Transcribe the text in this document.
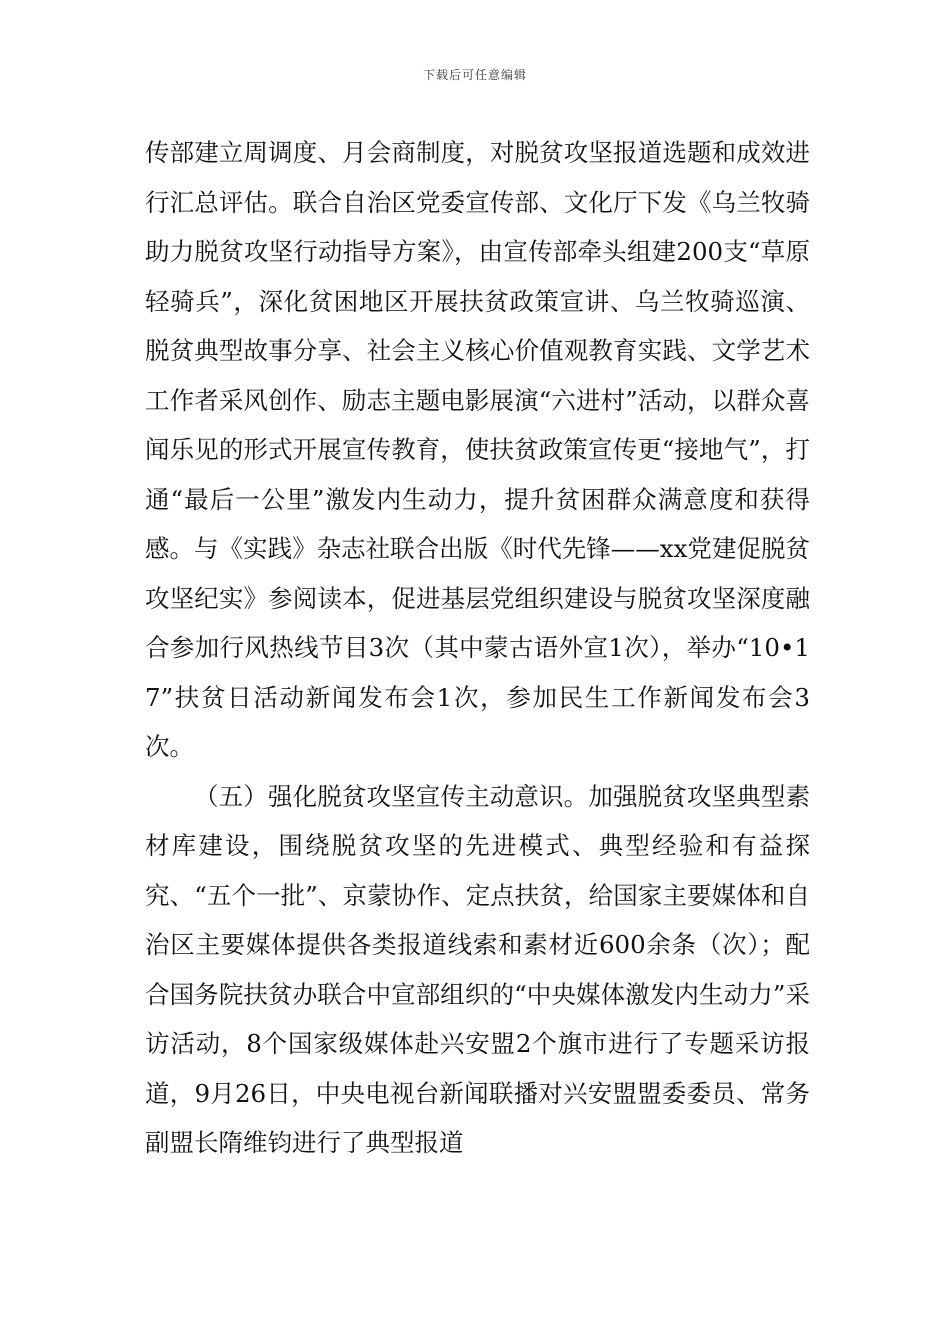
下载后可任意编辑

传部建立周调度、月会商制度，对脱贫攻坚报道选题和成效进行汇总评估。联合自治区党委宣传部、文化厅下发《乌兰牧骑助力脱贫攻坚行动指导方案》，由宣传部牵头组建200支“草原轻骑兵”，深化贫困地区开展扶贫政策宣讲、乌兰牧骑巡演、脱贫典型故事分享、社会主义核心价值观教育实践、文学艺术工作者采风创作、励志主题电影展演“六进村”活动，以群众喜闻乐见的形式开展宣传教育，使扶贫政策宣传更“接地气”，打通“最后一公里”激发内生动力，提升贫困群众满意度和获得感。与《实践》杂志社联合出版《时代先锋——xx党建促脱贫攻坚纪实》参阅读本，促进基层党组织建设与脱贫攻坚深度融合参加行风热线节目3次（其中蒙古语外宣1次），举办“10•17”扶贫日活动新闻发布会1次，参加民生工作新闻发布会3次。

（五）强化脱贫攻坚宣传主动意识。加强脱贫攻坚典型素材库建设，围绕脱贫攻坚的先进模式、典型经验和有益探究、“五个一批”、京蒙协作、定点扶贫，给国家主要媒体和自治区主要媒体提供各类报道线索和素材近600余条（次）；配合国务院扶贫办联合中宣部组织的“中央媒体激发内生动力”采访活动，8个国家级媒体赴兴安盟2个旗市进行了专题采访报道，9月26日，中央电视台新闻联播对兴安盟盟委委员、常务副盟长隋维钧进行了典型报道
